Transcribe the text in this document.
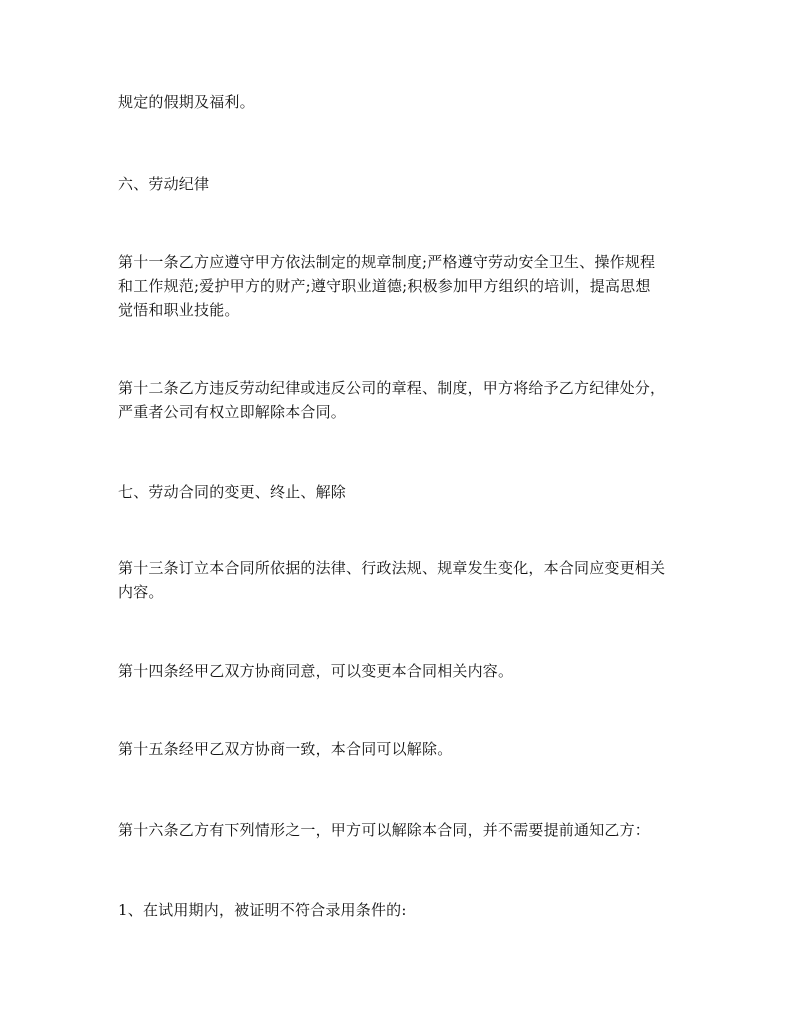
规定的假期及福利。
六、劳动纪律
第十一条乙方应遵守甲方依法制定的规章制度;严格遵守劳动安全卫生、操作规程
和工作规范;爱护甲方的财产;遵守职业道德;积极参加甲方组织的培训，提高思想
觉悟和职业技能。
第十二条乙方违反劳动纪律或违反公司的章程、制度，甲方将给予乙方纪律处分，
严重者公司有权立即解除本合同。
七、劳动合同的变更、终止、解除
第十三条订立本合同所依据的法律、行政法规、规章发生变化，本合同应变更相关
内容。
第十四条经甲乙双方协商同意，可以变更本合同相关内容。
第十五条经甲乙双方协商一致，本合同可以解除。
第十六条乙方有下列情形之一，甲方可以解除本合同，并不需要提前通知乙方：
1、在试用期内，被证明不符合录用条件的:
